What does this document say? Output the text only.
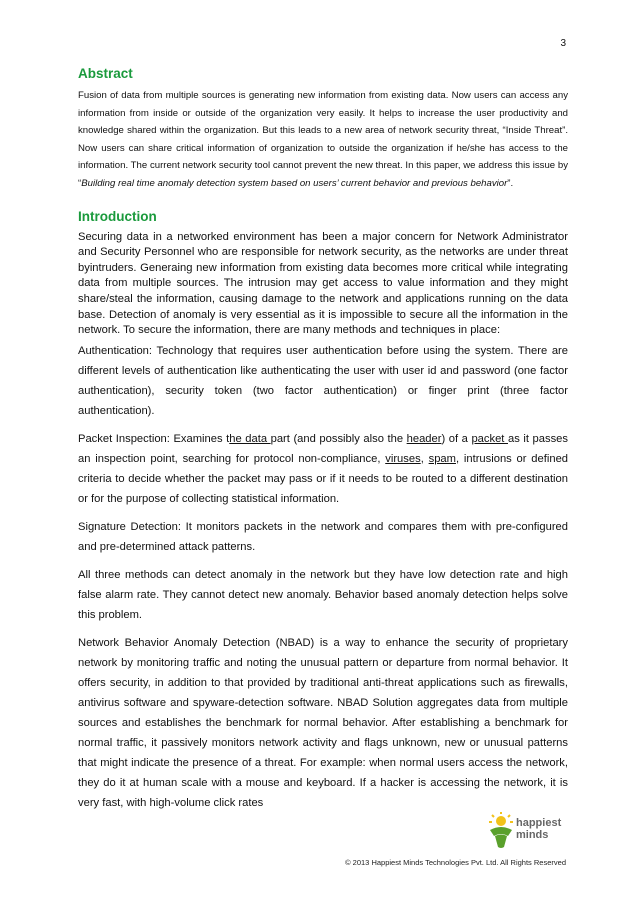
3
Abstract

Fusion of data from multiple sources is generating new information from existing data. Now users can access any information from inside or outside of the organization very easily. It helps to increase the user productivity and knowledge shared within the organization. But this leads to a new area of network security threat, “Inside Threat”. Now users can share critical information of organization to outside the organization if he/she has access to the information. The current network security tool cannot prevent the new threat. In this paper, we address this issue by “Building real time anomaly detection system based on users’ current behavior and previous behavior”.

Introduction

Securing data in a networked environment has been a major concern for Network Administrator and Security Personnel who are responsible for network security, as the networks are under threat byintruders. Generaing new information from existing data becomes more critical while integrating data from multiple sources. The intrusion may get access to value information and they might share/steal the information, causing damage to the network and applications running on the data base. Detection of anomaly is very essential as it is impossible to secure all the information in the network. To secure the information, there are many methods and techniques in place:

Authentication: Technology that requires user authentication before using the system. There are different levels of authentication like authenticating the user with user id and password (one factor authentication), security token (two factor authentication) or finger print (three factor authentication).

Packet Inspection: Examines the data part (and possibly also the header) of a packet as it passes an inspection point, searching for protocol non-compliance, viruses, spam, intrusions or defined criteria to decide whether the packet may pass or if it needs to be routed to a different destination or for the purpose of collecting statistical information.

Signature Detection: It monitors packets in the network and compares them with pre-configured and pre-determined attack patterns.

All three methods can detect anomaly in the network but they have low detection rate and high false alarm rate. They cannot detect new anomaly. Behavior based anomaly detection helps solve this problem.

Network Behavior Anomaly Detection (NBAD) is a way to enhance the security of proprietary network by monitoring traffic and noting the unusual pattern or departure from normal behavior. It offers security, in addition to that provided by traditional anti-threat applications such as firewalls, antivirus software and spyware-detection software. NBAD Solution aggregates data from multiple sources and establishes the benchmark for normal behavior. After establishing a benchmark for normal traffic, it passively monitors network activity and flags unknown, new or unusual patterns that might indicate the presence of a threat. For example: when normal users access the network, they do it at human scale with a mouse and keyboard. If a hacker is accessing the network, it is very fast, with high-volume click rates

happiest
minds
© 2013 Happiest Minds Technologies Pvt. Ltd. All Rights Reserved
